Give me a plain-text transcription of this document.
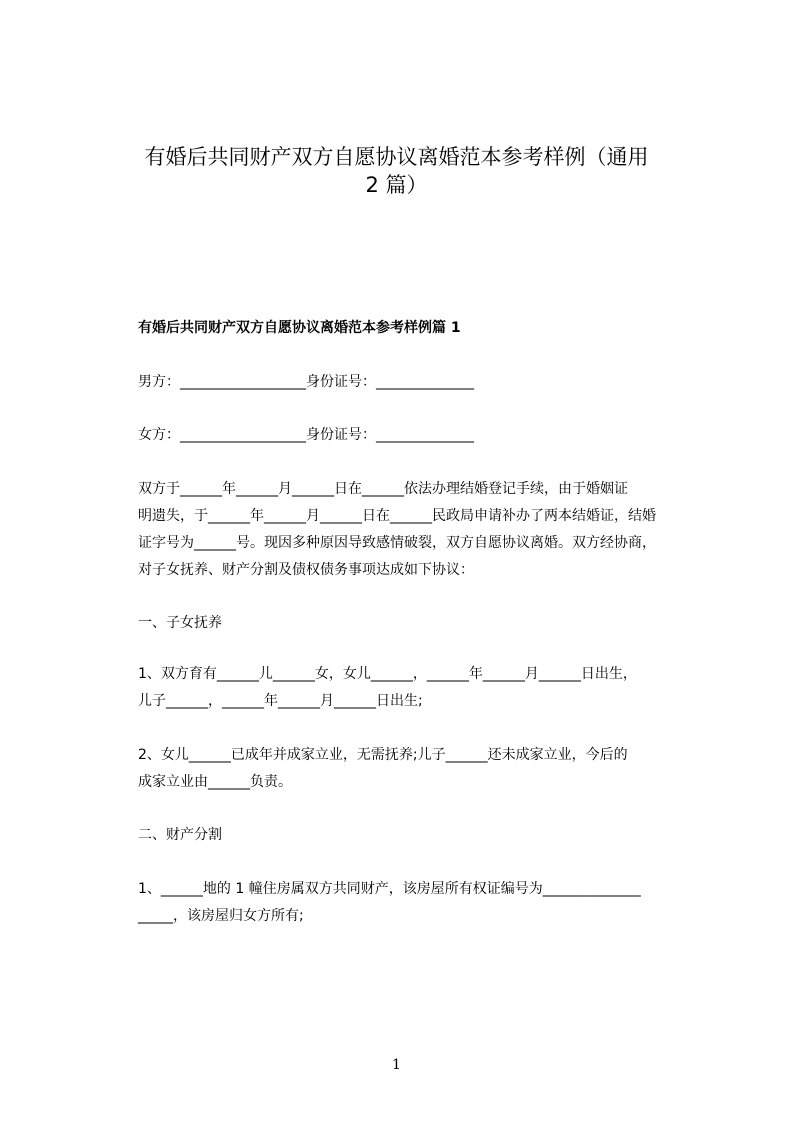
有婚后共同财产双方自愿协议离婚范本参考样例（通用
2 篇）

有婚后共同财产双方自愿协议离婚范本参考样例篇 1

男方：__________________身份证号：______________

女方：__________________身份证号：______________

双方于______年______月______日在______依法办理结婚登记手续，由于婚姻证

明遗失，于______年______月______日在______民政局申请补办了两本结婚证，结婚

证字号为______号。现因多种原因导致感情破裂，双方自愿协议离婚。双方经协商，

对子女抚养、财产分割及债权债务事项达成如下协议：

一、子女抚养

1、双方育有______儿______女，女儿______，______年______月______日出生，

儿子______，______年______月______日出生;

2、女儿______已成年并成家立业，无需抚养;儿子______还未成家立业，今后的

成家立业由______负责。

二、财产分割

1、______地的 1 幢住房属双方共同财产，该房屋所有权证编号为______________

_____，该房屋归女方所有;

1
